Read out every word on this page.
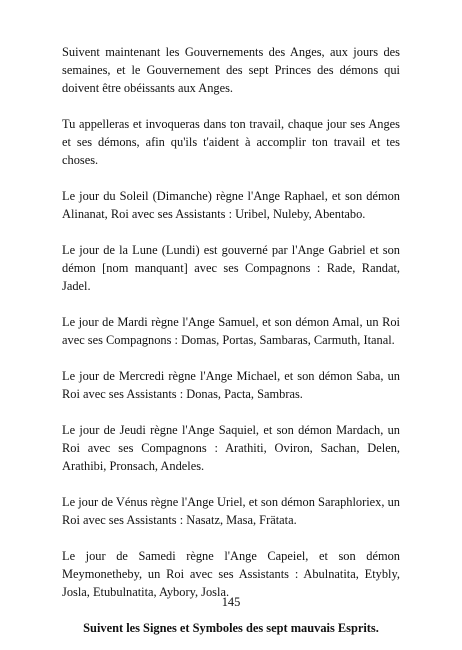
Suivent maintenant les Gouvernements des Anges, aux jours des semaines, et le Gouvernement des sept Princes des démons qui doivent être obéissants aux Anges.

Tu appelleras et invoqueras dans ton travail, chaque jour ses Anges et ses démons, afin qu'ils t'aident à accomplir ton travail et tes choses.

Le jour du Soleil (Dimanche) règne l'Ange Raphael, et son démon Alinanat, Roi avec ses Assistants : Uribel, Nuleby, Abentabo.

Le jour de la Lune (Lundi) est gouverné par l'Ange Gabriel et son démon [nom manquant] avec ses Compagnons : Rade, Randat, Jadel.

Le jour de Mardi règne l'Ange Samuel, et son démon Amal, un Roi avec ses Compagnons : Domas, Portas, Sambaras, Carmuth, Itanal.

Le jour de Mercredi règne l'Ange Michael, et son démon Saba, un Roi avec ses Assistants : Donas, Pacta, Sambras.

Le jour de Jeudi règne l'Ange Saquiel, et son démon Mardach, un Roi avec ses Compagnons : Arathiti, Oviron, Sachan, Delen, Arathibi, Pronsach, Andeles.

Le jour de Vénus règne l'Ange Uriel, et son démon Saraphloriex, un Roi avec ses Assistants : Nasatz, Masa, Frätata.

Le jour de Samedi règne l'Ange Capeiel, et son démon Meymonetheby, un Roi avec ses Assistants : Abulnatita, Etybly, Josla, Etubulnatita, Aybory, Josla.

Suivent les Signes et Symboles des sept mauvais Esprits.

145
